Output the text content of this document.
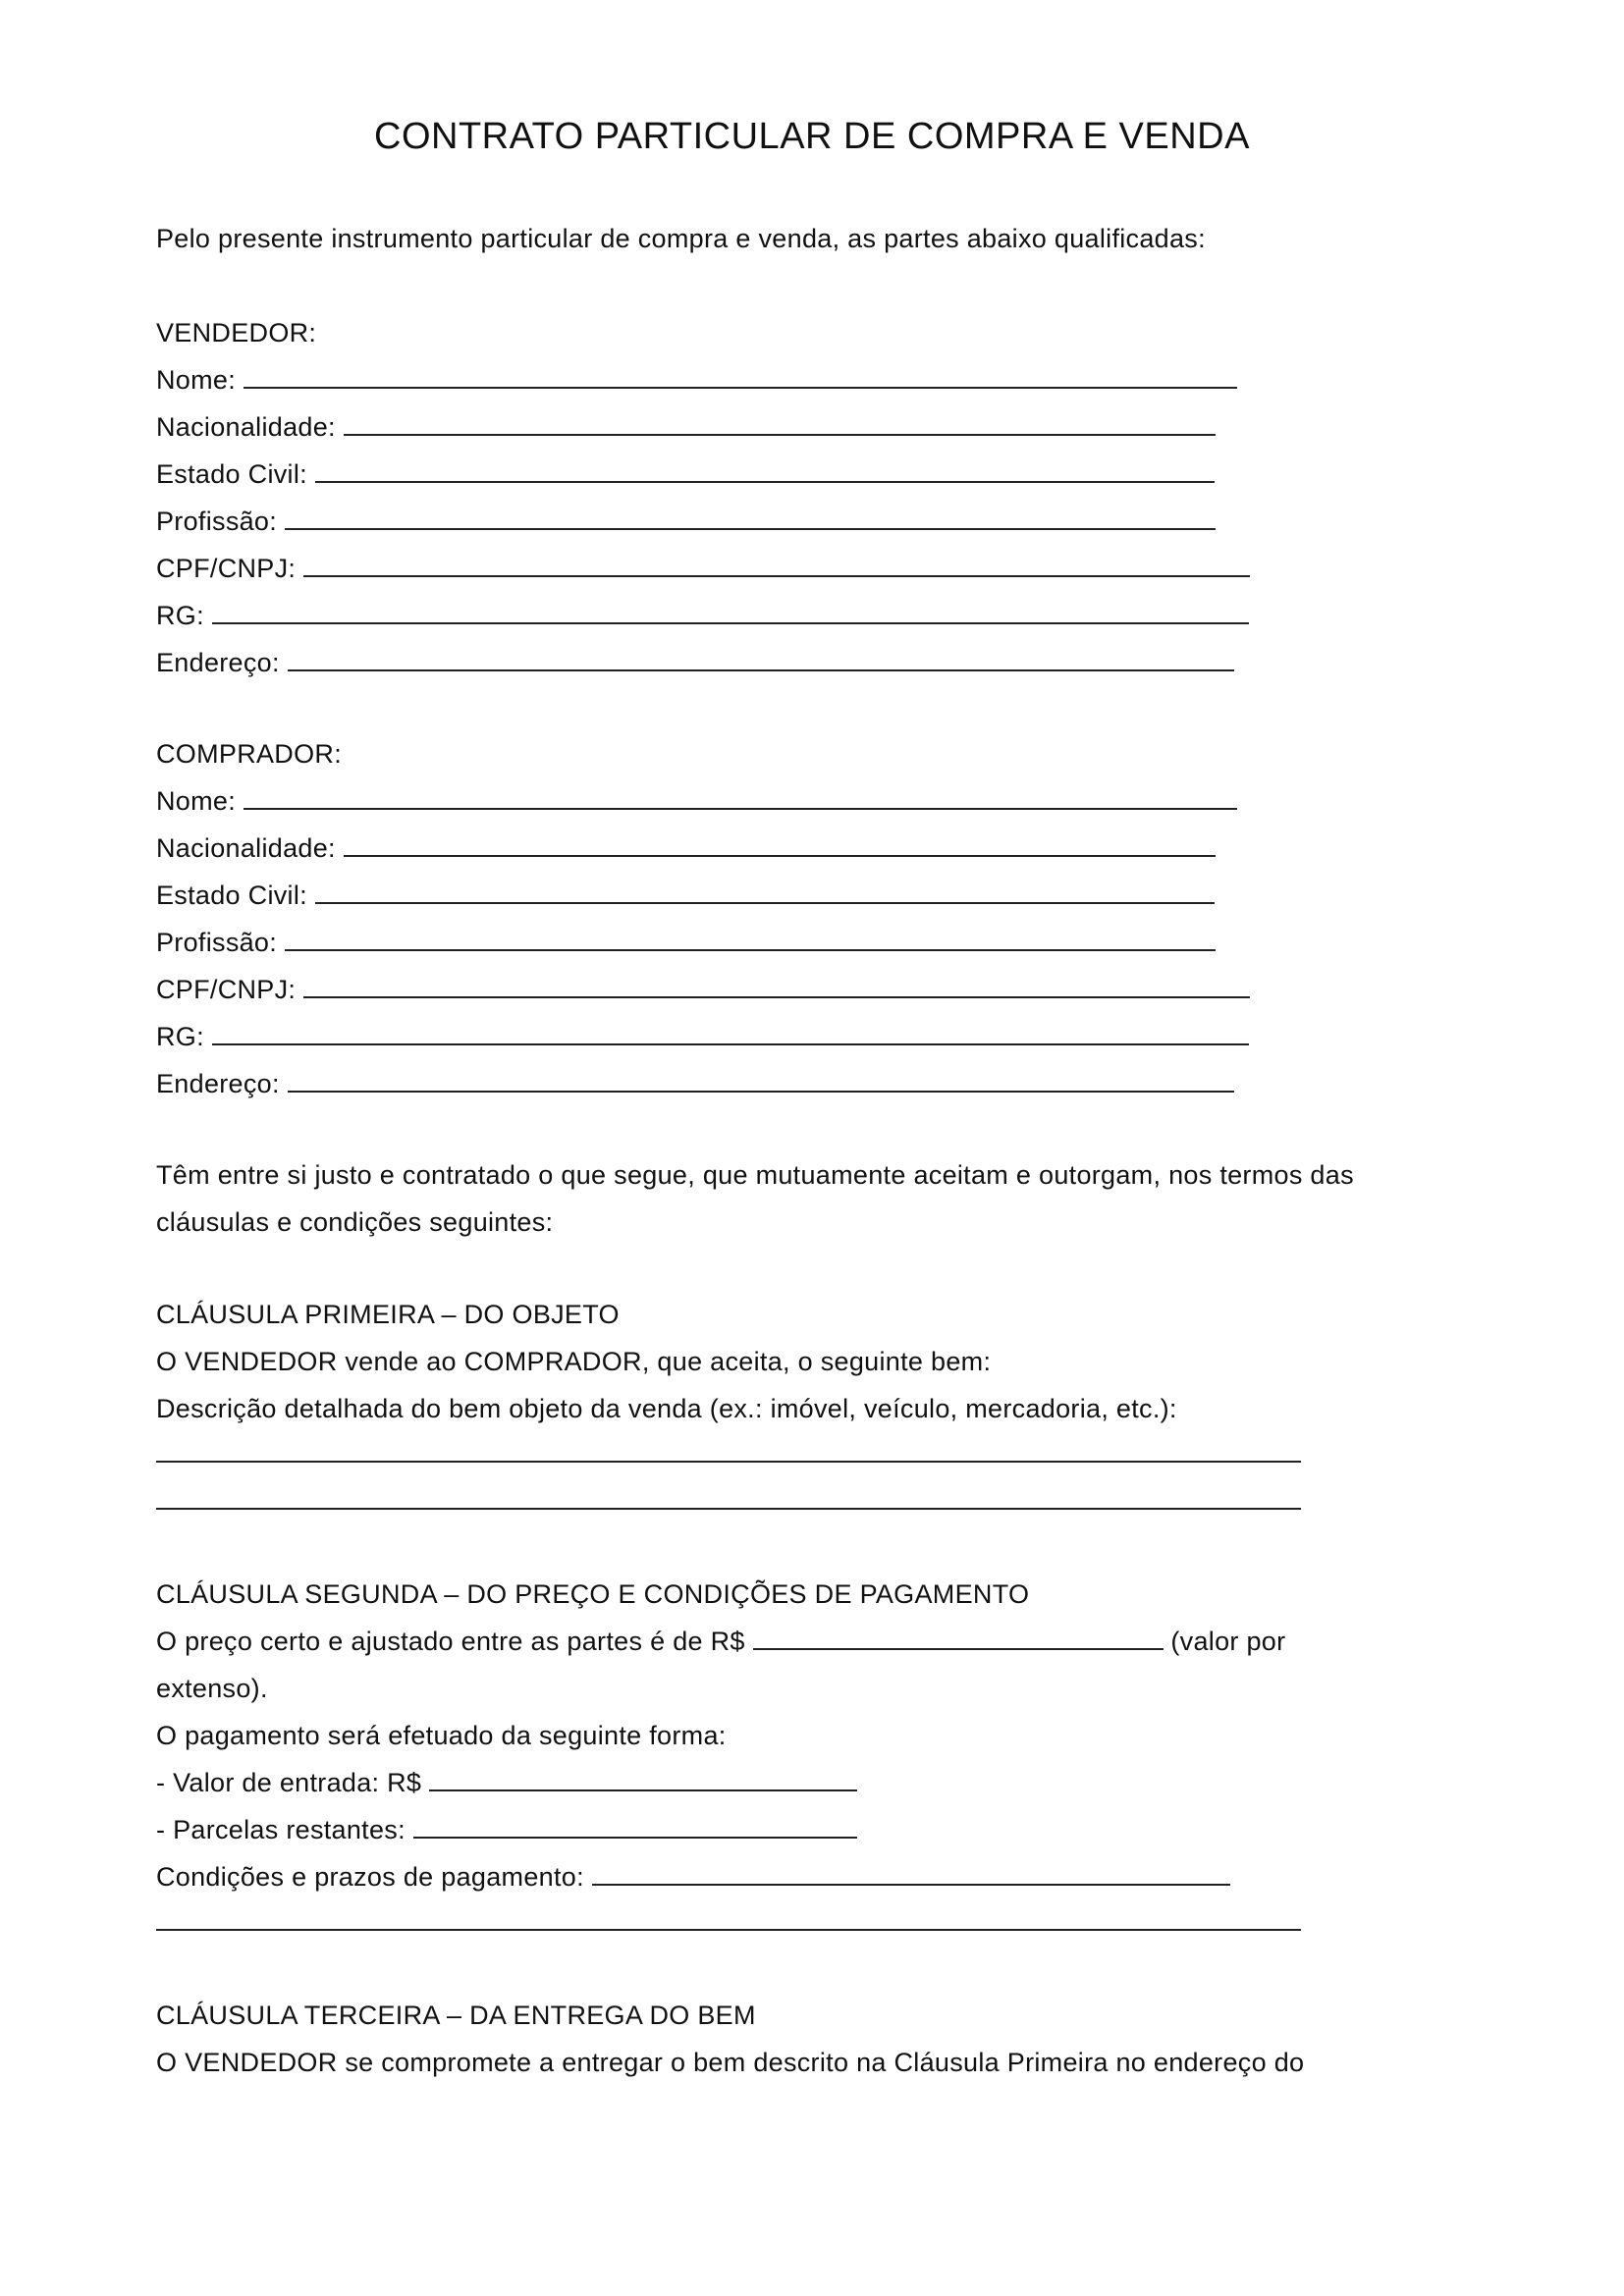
CONTRATO PARTICULAR DE COMPRA E VENDA
Pelo presente instrumento particular de compra e venda, as partes abaixo qualificadas:
VENDEDOR:
Nome:
Nacionalidade:
Estado Civil:
Profissão:
CPF/CNPJ:
RG:
Endereço:
COMPRADOR:
Nome:
Nacionalidade:
Estado Civil:
Profissão:
CPF/CNPJ:
RG:
Endereço:
Têm entre si justo e contratado o que segue, que mutuamente aceitam e outorgam, nos termos das
cláusulas e condições seguintes:
CLÁUSULA PRIMEIRA – DO OBJETO
O VENDEDOR vende ao COMPRADOR, que aceita, o seguinte bem:
Descrição detalhada do bem objeto da venda (ex.: imóvel, veículo, mercadoria, etc.):
CLÁUSULA SEGUNDA – DO PREÇO E CONDIÇÕES DE PAGAMENTO
O preço certo e ajustado entre as partes é de R$	(valor por
extenso).
O pagamento será efetuado da seguinte forma:
- Valor de entrada: R$
- Parcelas restantes:
Condições e prazos de pagamento:
CLÁUSULA TERCEIRA – DA ENTREGA DO BEM
O VENDEDOR se compromete a entregar o bem descrito na Cláusula Primeira no endereço do
